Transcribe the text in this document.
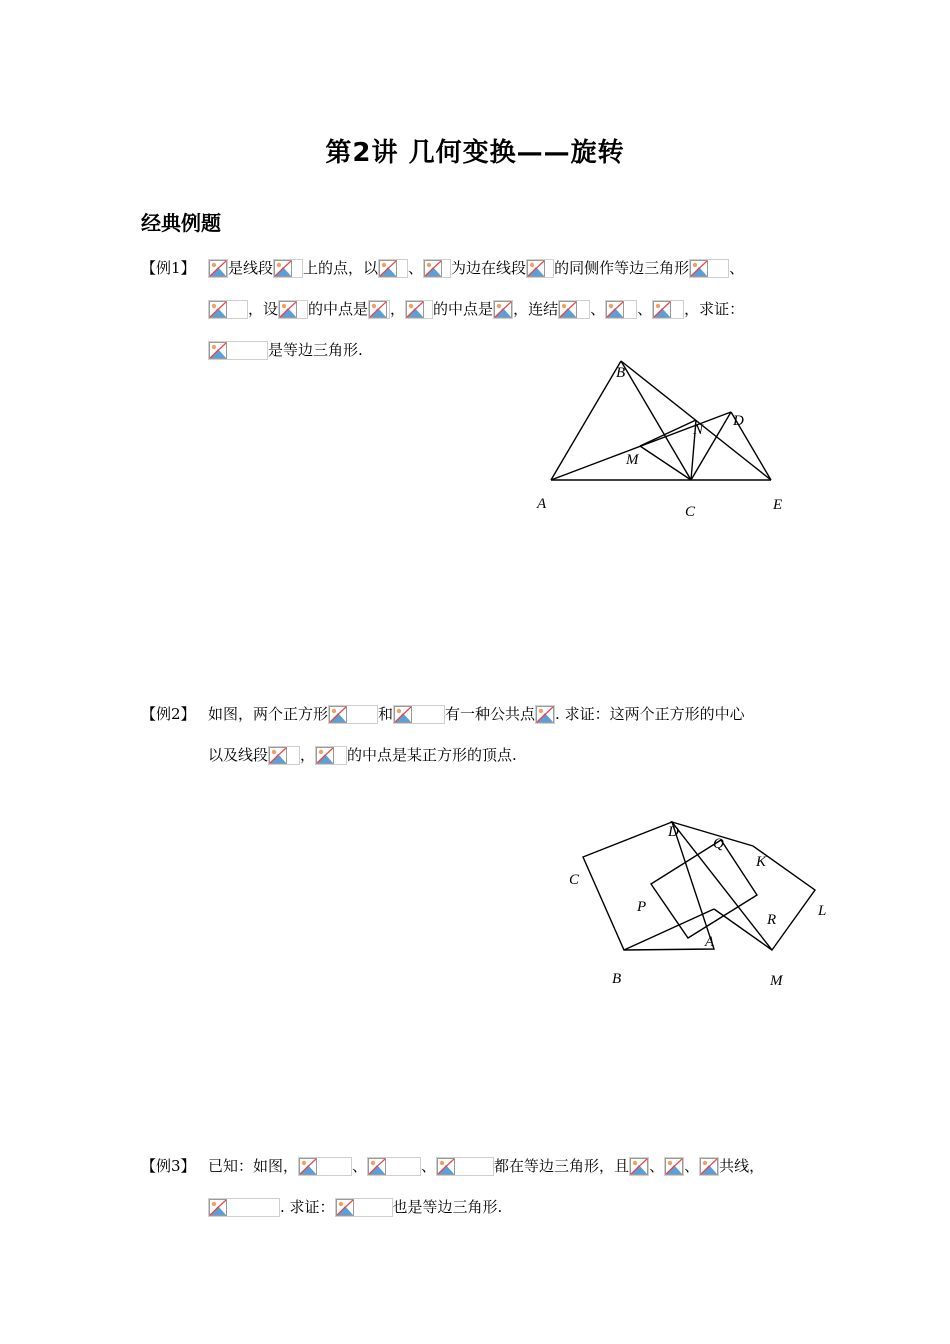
第2讲 几何变换——旋转
经典例题
【例1】 是线段 上的点，以 、 为边在线段 的同侧作等边三角形	、
，设 的中点是 ， 的中点是 ，连结 、 、 ，求证：
是等边三角形.
B
N
M
A	C	E
D
【例2】 如图，两个正方形	和	有一种公共点 . 求证：这两个正方形的中心
以及线段 ， 的中点是某正方形的顶点.
D
Q
K
C
P
R
L
A
B	M
【例3】 已知：如图，	、	、	都在等边三角形，且 、 、 共线，
. 求证：	也是等边三角形.
